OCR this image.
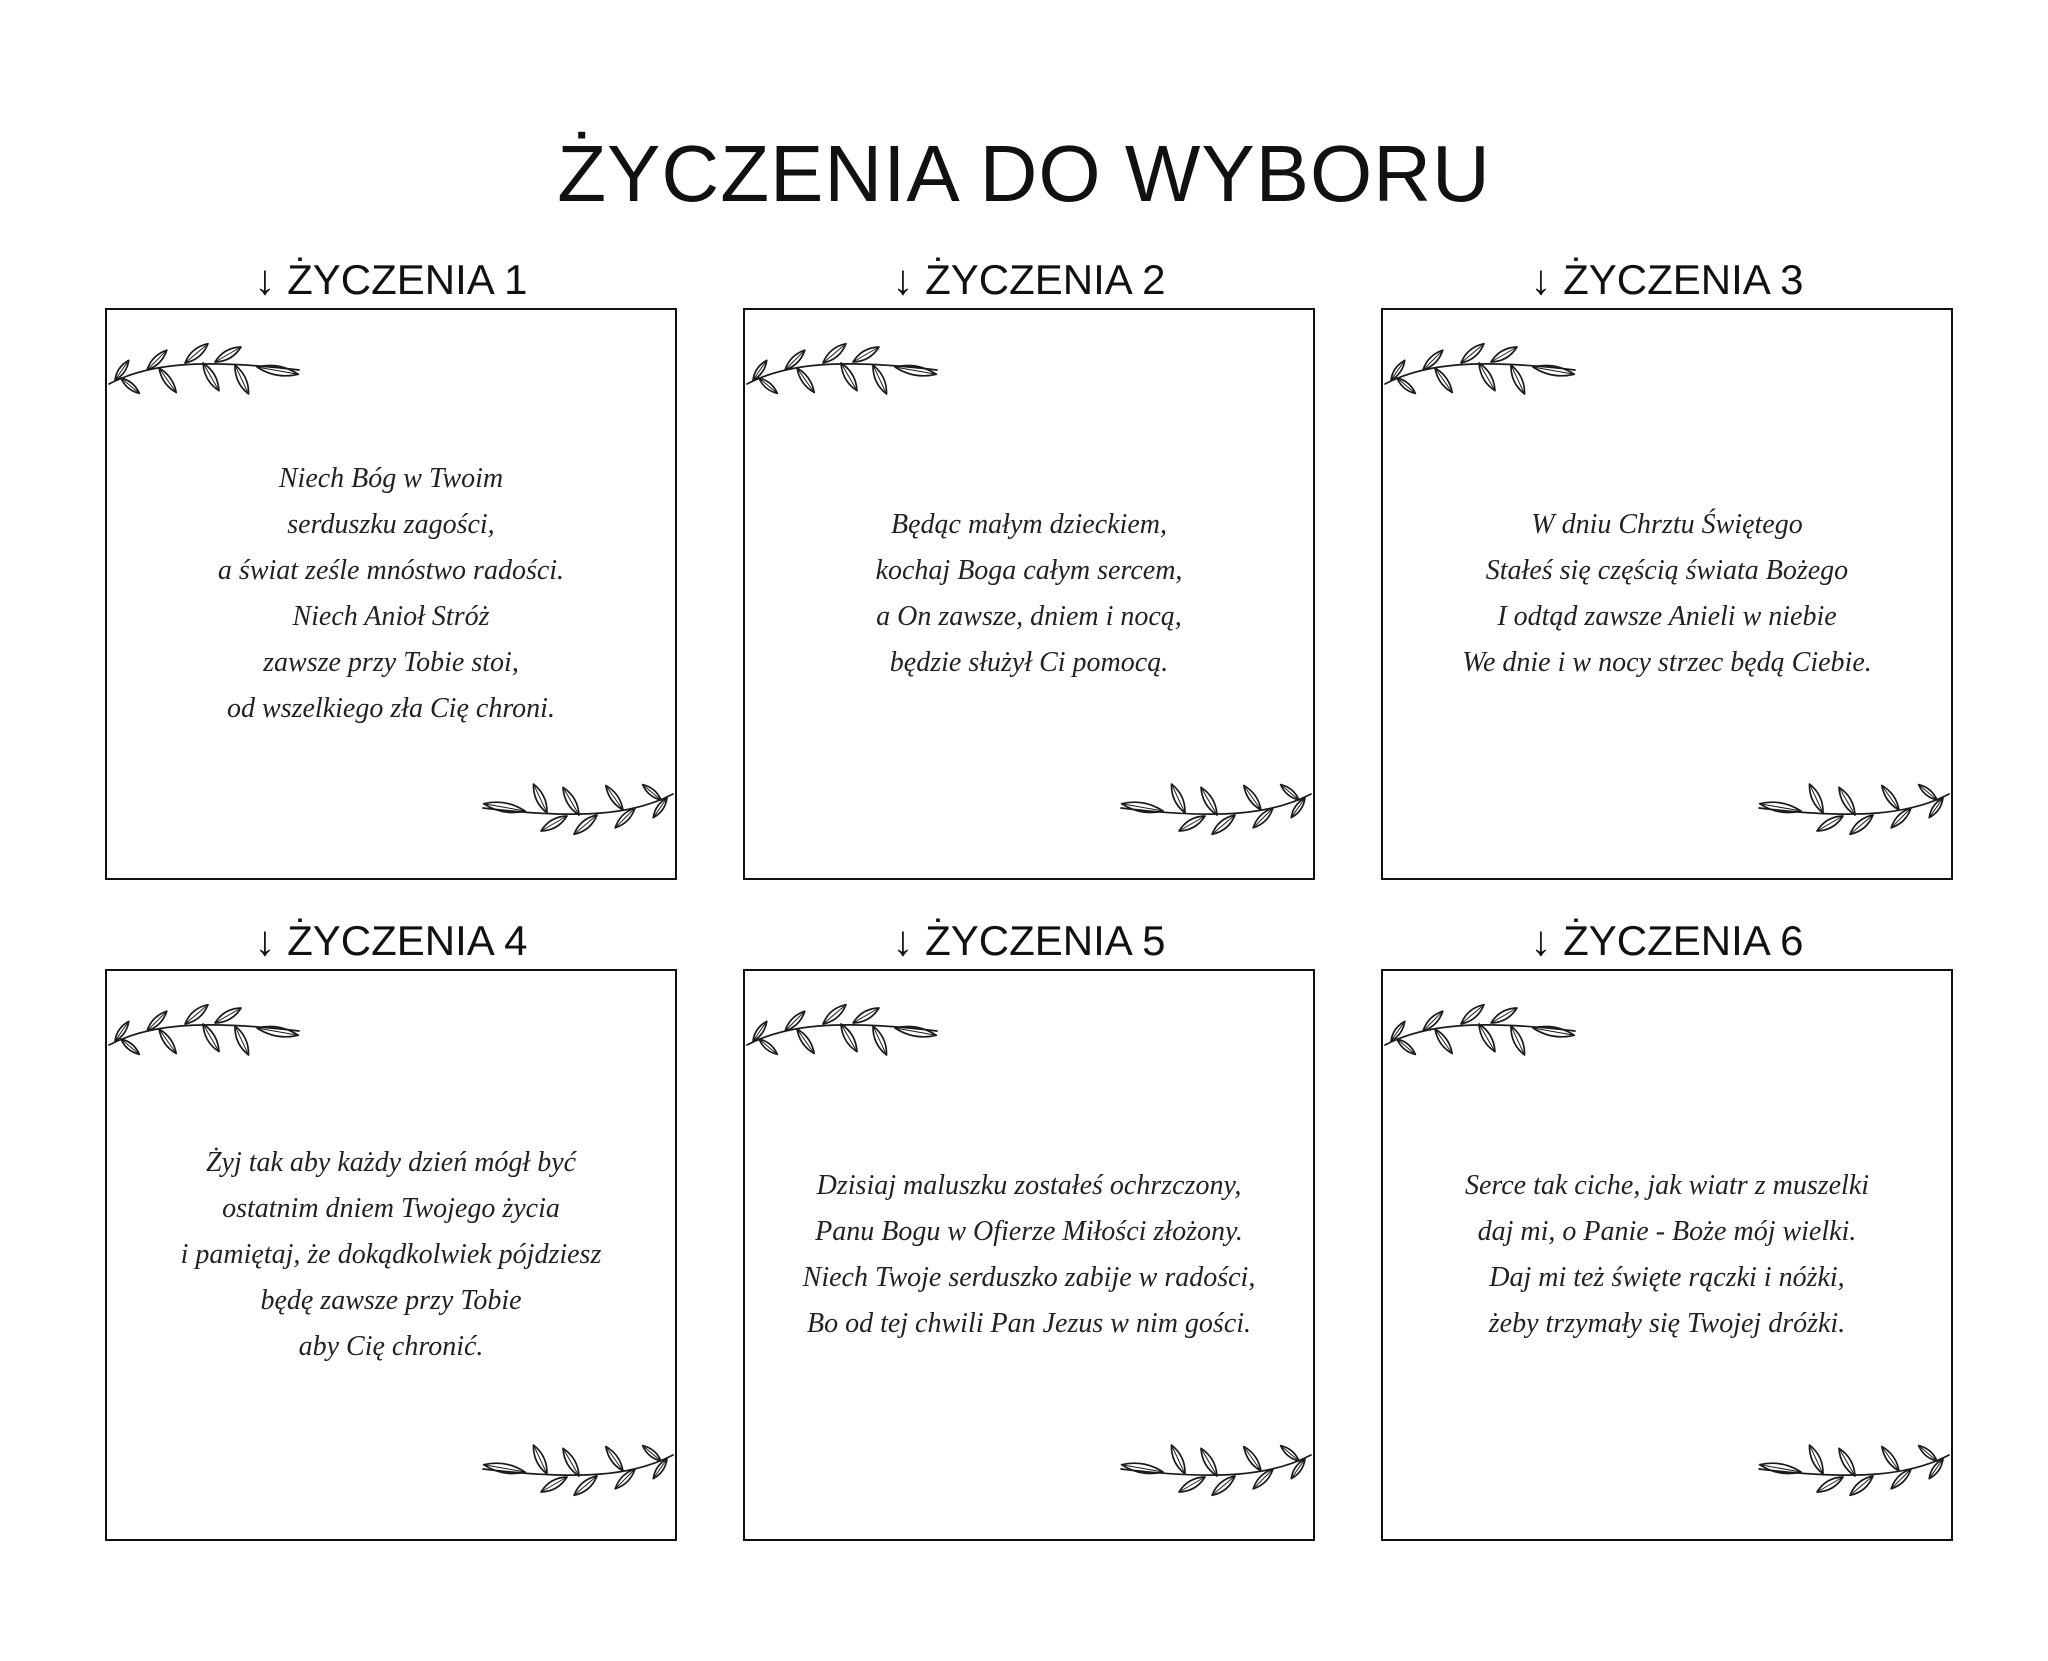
ŻYCZENIA DO WYBORU
↓ ŻYCZENIA 1
Niech Bóg w Twoim
serduszku zagości,
a świat ześle mnóstwo radości.
Niech Anioł Stróż
zawsze przy Tobie stoi,
od wszelkiego zła Cię chroni.
↓ ŻYCZENIA 2
Będąc małym dzieckiem,
kochaj Boga całym sercem,
a On zawsze, dniem i nocą,
będzie służył Ci pomocą.
↓ ŻYCZENIA 3
W dniu Chrztu Świętego
Stałeś się częścią świata Bożego
I odtąd zawsze Anieli w niebie
We dnie i w nocy strzec będą Ciebie.
↓ ŻYCZENIA 4
Żyj tak aby każdy dzień mógł być
ostatnim dniem Twojego życia
i pamiętaj, że dokądkolwiek pójdziesz
będę zawsze przy Tobie
aby Cię chronić.
↓ ŻYCZENIA 5
Dzisiaj maluszku zostałeś ochrzczony,
Panu Bogu w Ofierze Miłości złożony.
Niech Twoje serduszko zabije w radości,
Bo od tej chwili Pan Jezus w nim gości.
↓ ŻYCZENIA 6
Serce tak ciche, jak wiatr z muszelki
daj mi, o Panie - Boże mój wielki.
Daj mi też święte rączki i nóżki,
żeby trzymały się Twojej dróżki.
